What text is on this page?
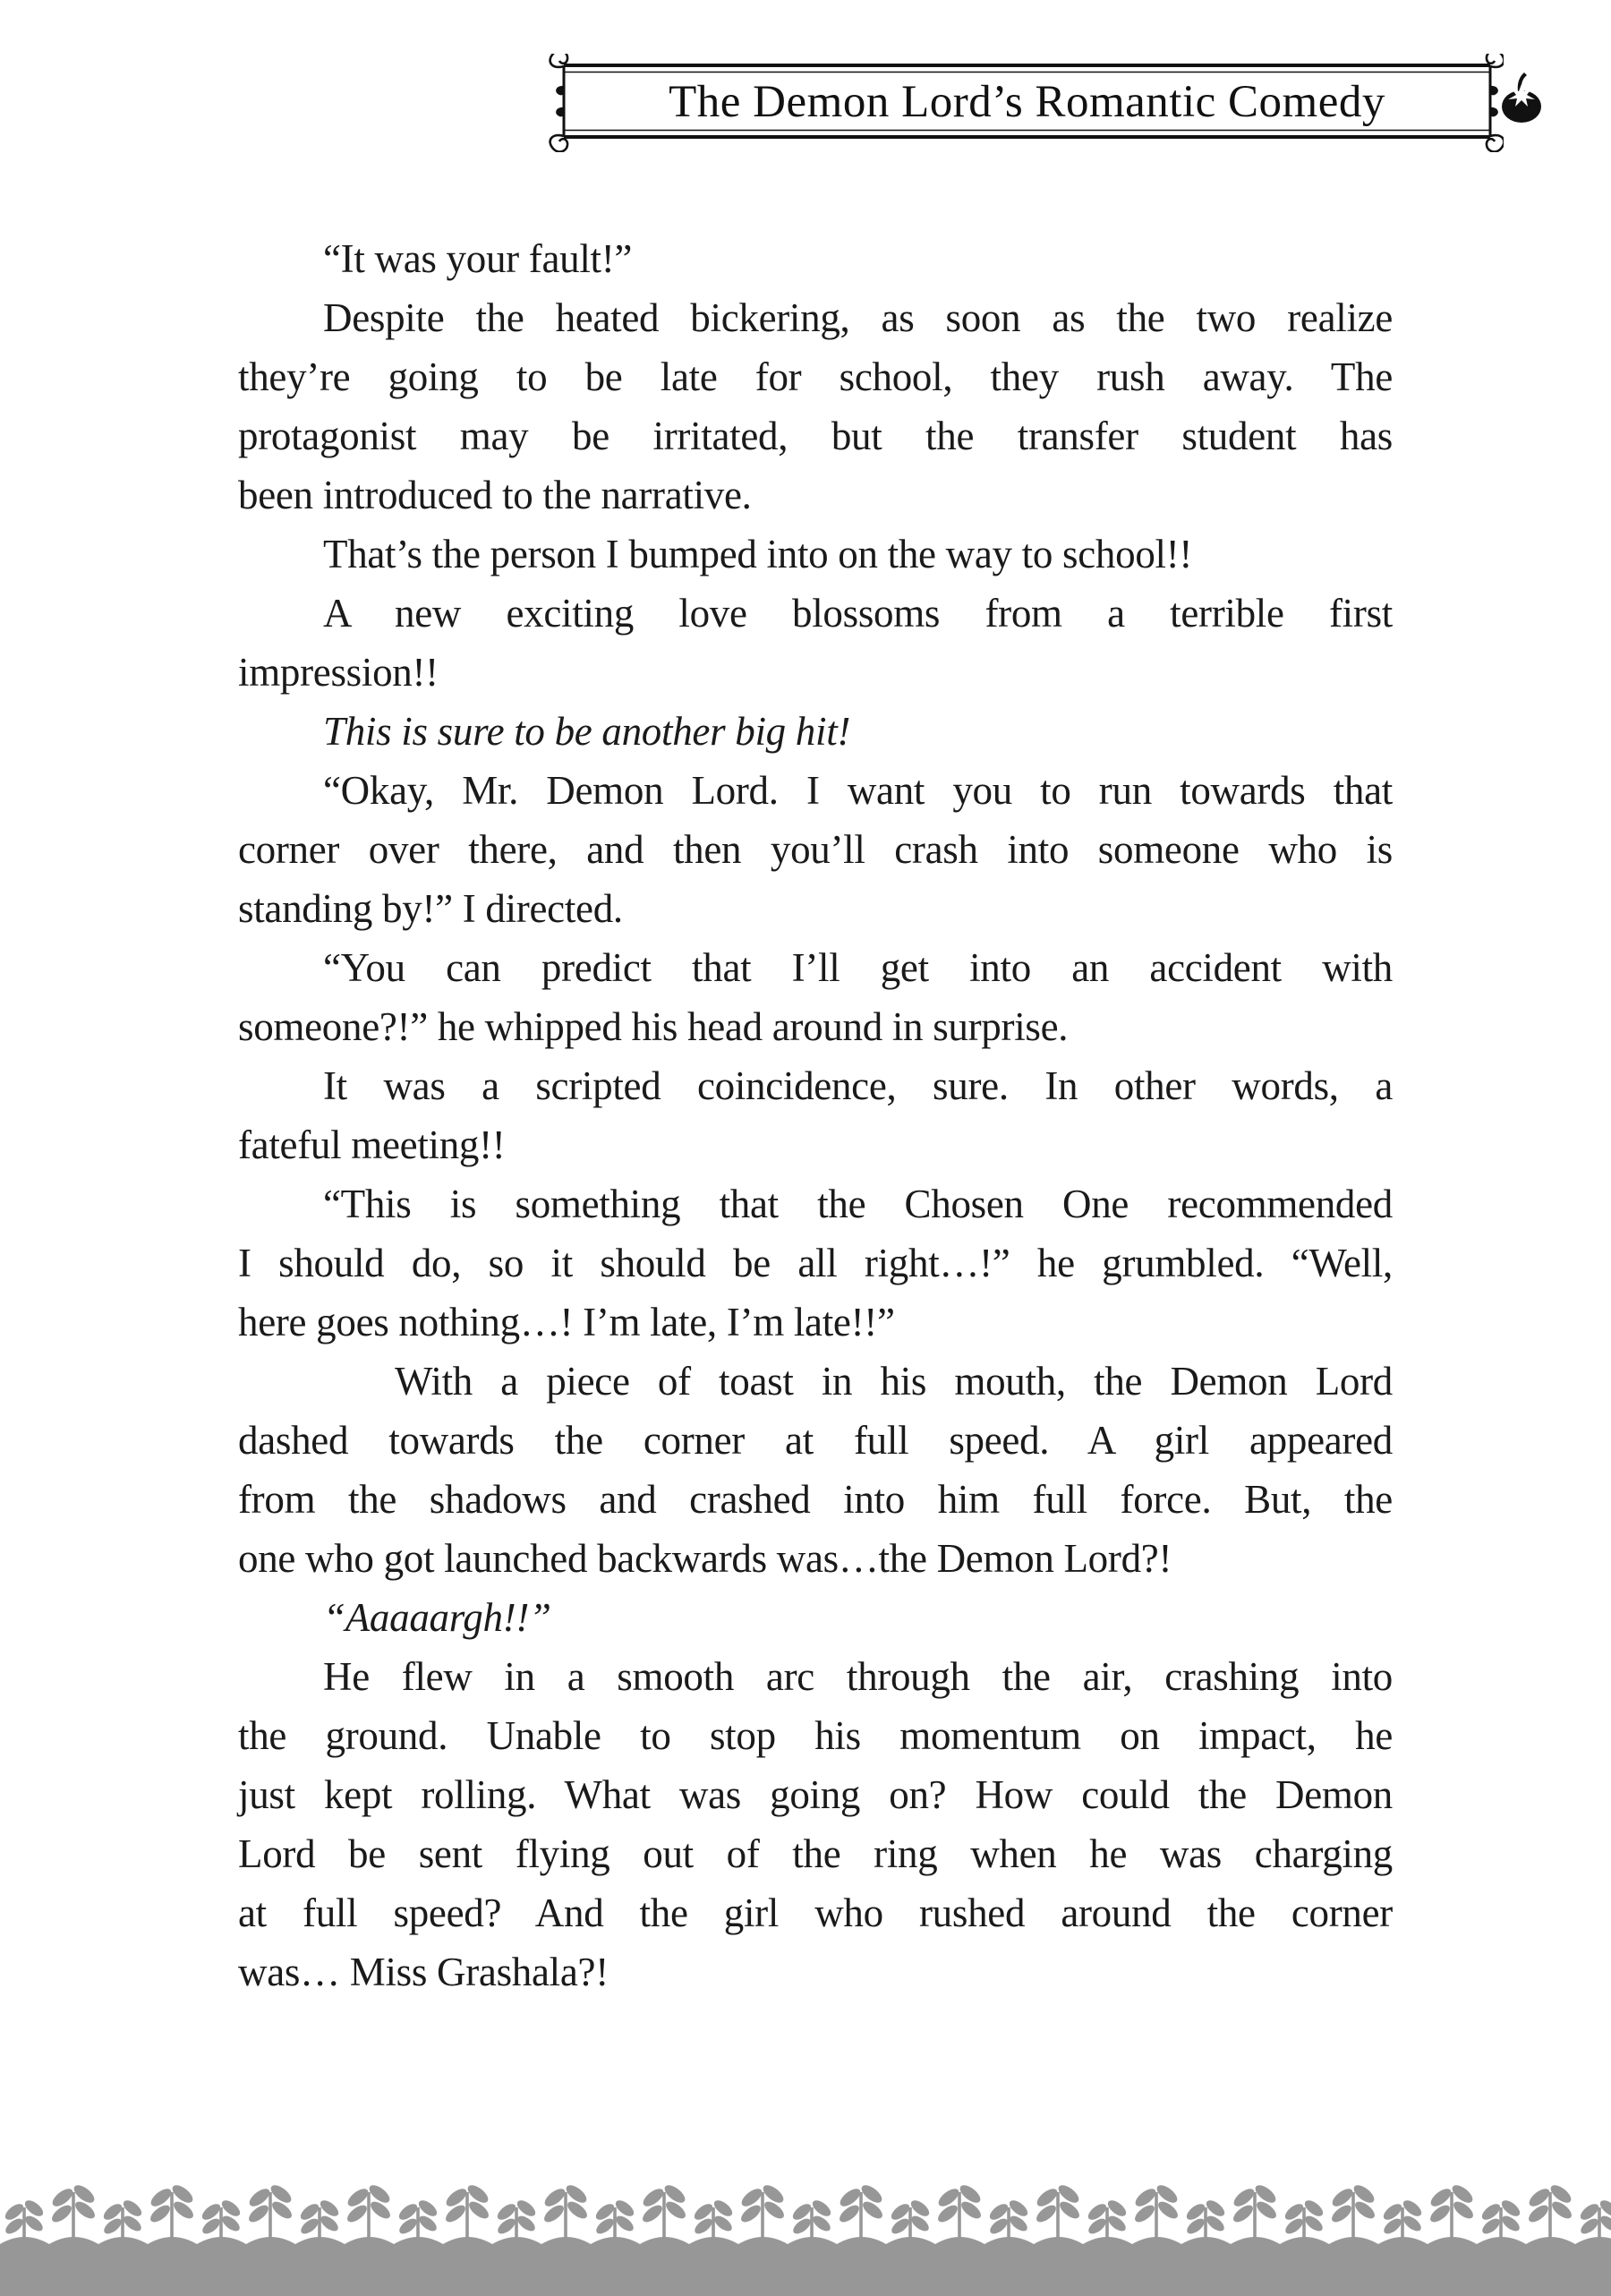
The Demon Lord’s Romantic Comedy
“It was your fault!”
Despite the heated bickering, as soon as the two realize
they’re going to be late for school, they rush away. The
protagonist may be irritated, but the transfer student has
been introduced to the narrative.
That’s the person I bumped into on the way to school!!
A new exciting love blossoms from a terrible first
impression!!
This is sure to be another big hit!
“Okay, Mr. Demon Lord. I want you to run towards that
corner over there, and then you’ll crash into someone who is
standing by!” I directed.
“You can predict that I’ll get into an accident with
someone?!” he whipped his head around in surprise.
It was a scripted coincidence, sure. In other words, a
fateful meeting!!
“This is something that the Chosen One recommended
I should do, so it should be all right…!” he grumbled. “Well,
here goes nothing…! I’m late, I’m late!!”
With a piece of toast in his mouth, the Demon Lord
dashed towards the corner at full speed. A girl appeared
from the shadows and crashed into him full force. But, the
one who got launched backwards was…the Demon Lord?!
“Aaaaargh!!”
He flew in a smooth arc through the air, crashing into
the ground. Unable to stop his momentum on impact, he
just kept rolling. What was going on? How could the Demon
Lord be sent flying out of the ring when he was charging
at full speed? And the girl who rushed around the corner
was… Miss Grashala?!
